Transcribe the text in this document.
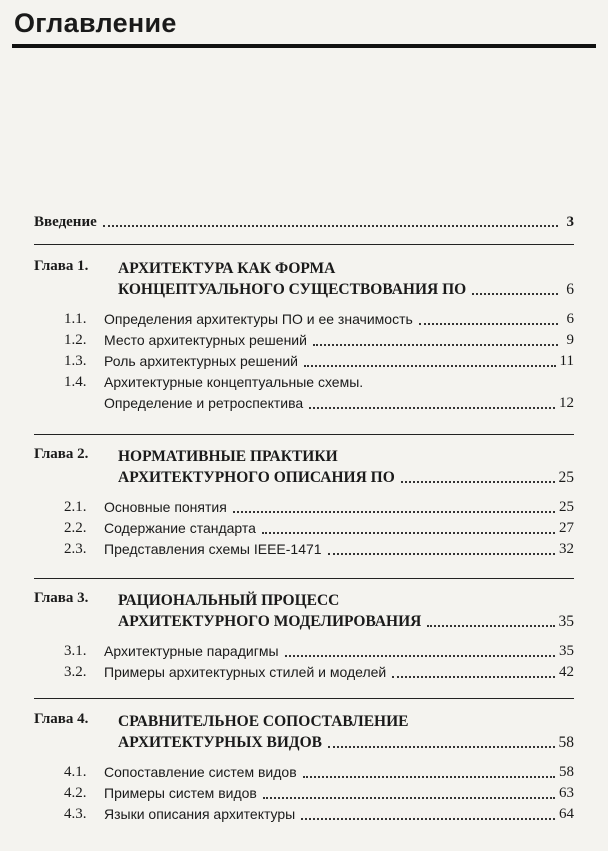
Оглавление
Введение	3
Глава 1.	АРХИТЕКТУРА КАК ФОРМА
КОНЦЕПТУАЛЬНОГО СУЩЕСТВОВАНИЯ ПО	6
1.1.	Определения архитектуры ПО и ее значимость	6
1.2.	Место архитектурных решений	9
1.3.	Роль архитектурных решений	11
1.4.	Архитектурные концептуальные схемы.
Определение и ретроспектива	12
Глава 2.	НОРМАТИВНЫЕ ПРАКТИКИ
АРХИТЕКТУРНОГО ОПИСАНИЯ ПО	25
2.1.	Основные понятия	25
2.2.	Содержание стандарта	27
2.3.	Представления схемы IEEE-1471	32
Глава 3.	РАЦИОНАЛЬНЫЙ ПРОЦЕСС
АРХИТЕКТУРНОГО МОДЕЛИРОВАНИЯ	35
3.1.	Архитектурные парадигмы	35
3.2.	Примеры архитектурных стилей и моделей	42
Глава 4.	СРАВНИТЕЛЬНОЕ СОПОСТАВЛЕНИЕ
АРХИТЕКТУРНЫХ ВИДОВ	58
4.1.	Сопоставление систем видов	58
4.2.	Примеры систем видов	63
4.3.	Языки описания архитектуры	64
